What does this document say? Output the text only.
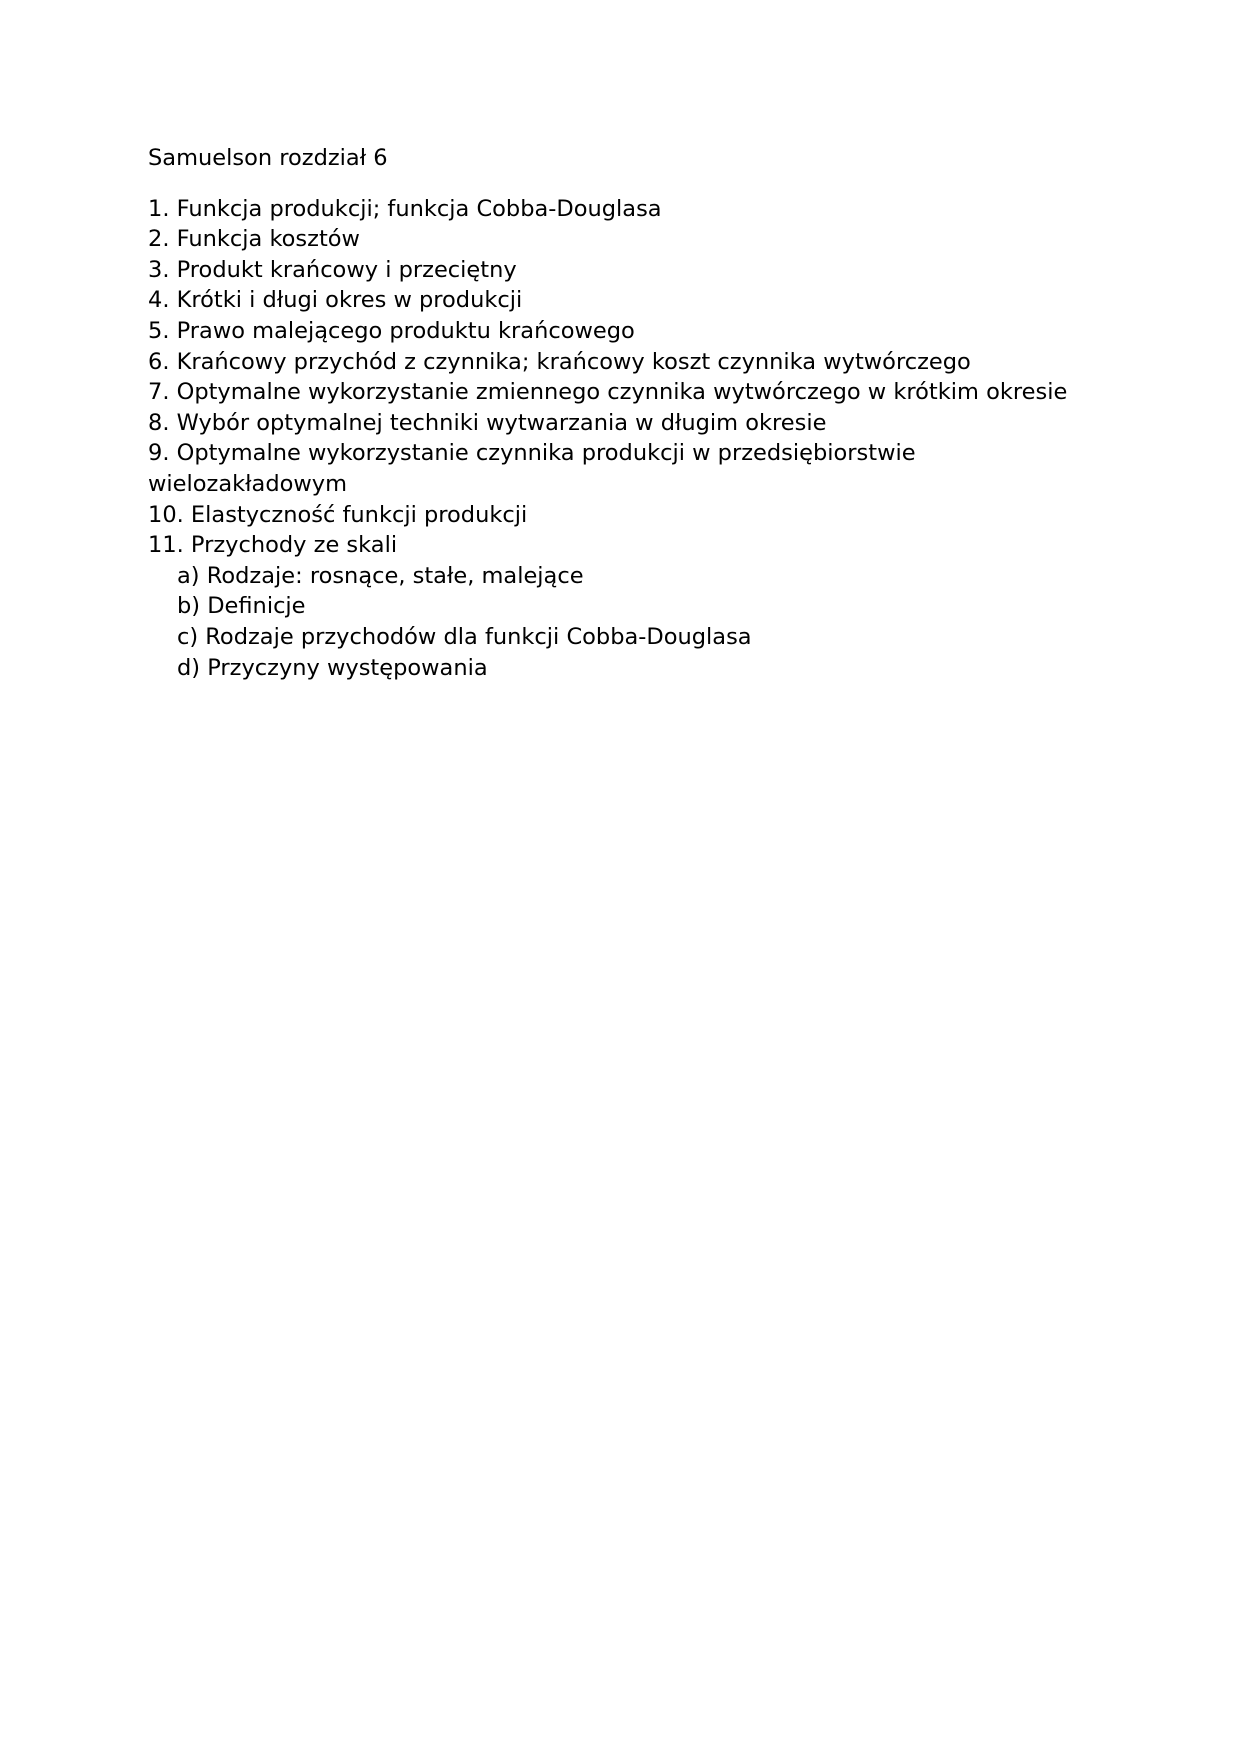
Samuelson rozdział 6
1. Funkcja produkcji; funkcja Cobba-Douglasa
2. Funkcja kosztów
3. Produkt krańcowy i przeciętny
4. Krótki i długi okres w produkcji
5. Prawo malejącego produktu krańcowego
6. Krańcowy przychód z czynnika; krańcowy koszt czynnika wytwórczego
7. Optymalne wykorzystanie zmiennego czynnika wytwórczego w krótkim okresie
8. Wybór optymalnej techniki wytwarzania w długim okresie
9. Optymalne wykorzystanie czynnika produkcji w przedsiębiorstwie wielozakładowym
10. Elastyczność funkcji produkcji
11. Przychody ze skali
a) Rodzaje: rosnące, stałe, malejące
b) Definicje
c) Rodzaje przychodów dla funkcji Cobba-Douglasa
d) Przyczyny występowania
